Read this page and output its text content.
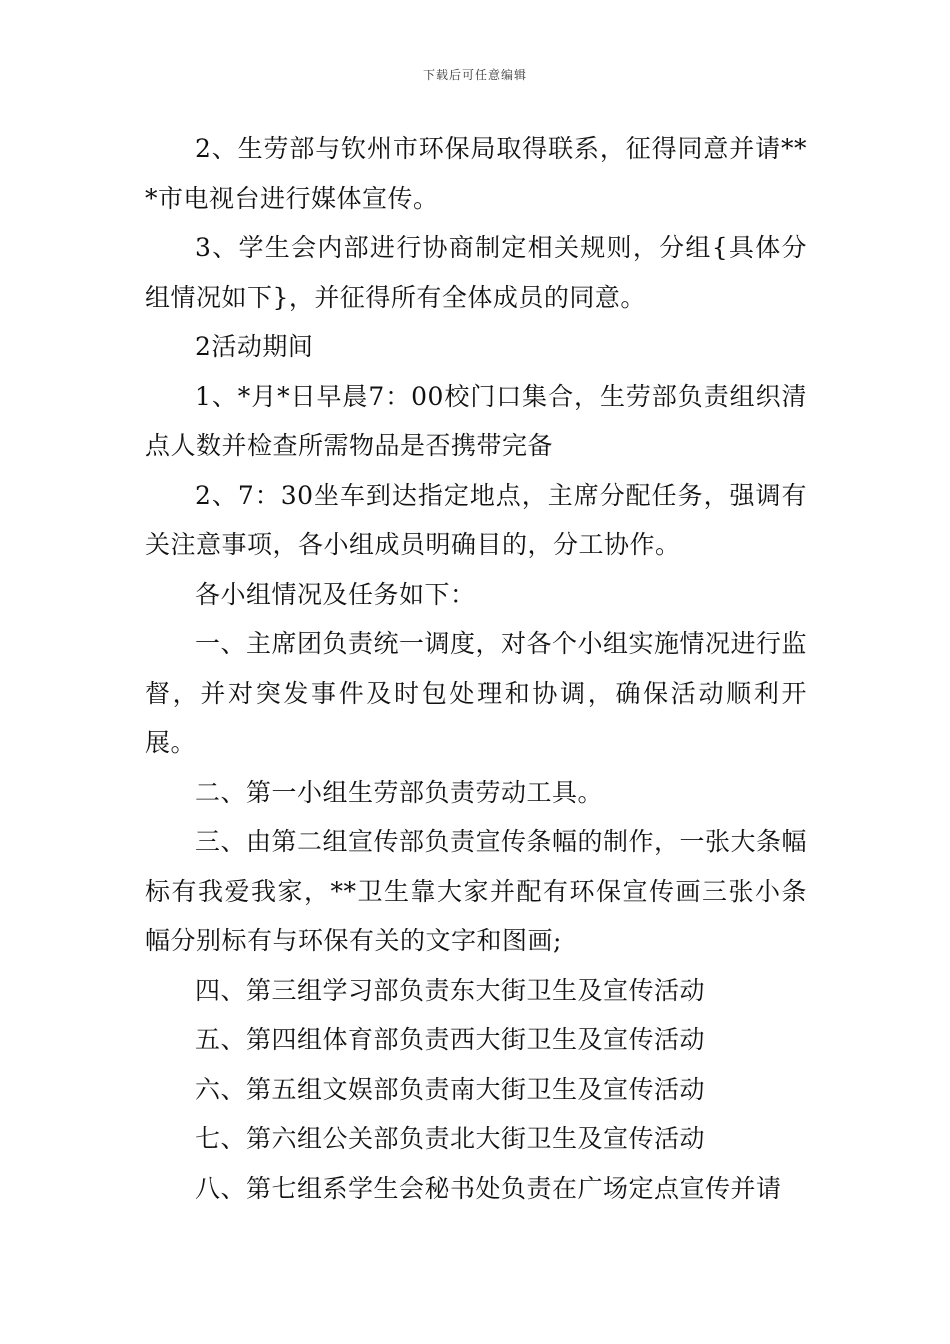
下载后可任意编辑

2、生劳部与钦州市环保局取得联系，征得同意并请***市电视台进行媒体宣传。

3、学生会内部进行协商制定相关规则，分组{具体分组情况如下}，并征得所有全体成员的同意。

2活动期间

1、*月*日早晨7：00校门口集合，生劳部负责组织清点人数并检查所需物品是否携带完备

2、7：30坐车到达指定地点，主席分配任务，强调有关注意事项，各小组成员明确目的，分工协作。

各小组情况及任务如下：

一、主席团负责统一调度，对各个小组实施情况进行监督，并对突发事件及时包处理和协调，确保活动顺利开展。

二、第一小组生劳部负责劳动工具。

三、由第二组宣传部负责宣传条幅的制作，一张大条幅标有我爱我家，**卫生靠大家并配有环保宣传画三张小条幅分别标有与环保有关的文字和图画;

四、第三组学习部负责东大街卫生及宣传活动

五、第四组体育部负责西大街卫生及宣传活动

六、第五组文娱部负责南大街卫生及宣传活动

七、第六组公关部负责北大街卫生及宣传活动

八、第七组系学生会秘书处负责在广场定点宣传并请
